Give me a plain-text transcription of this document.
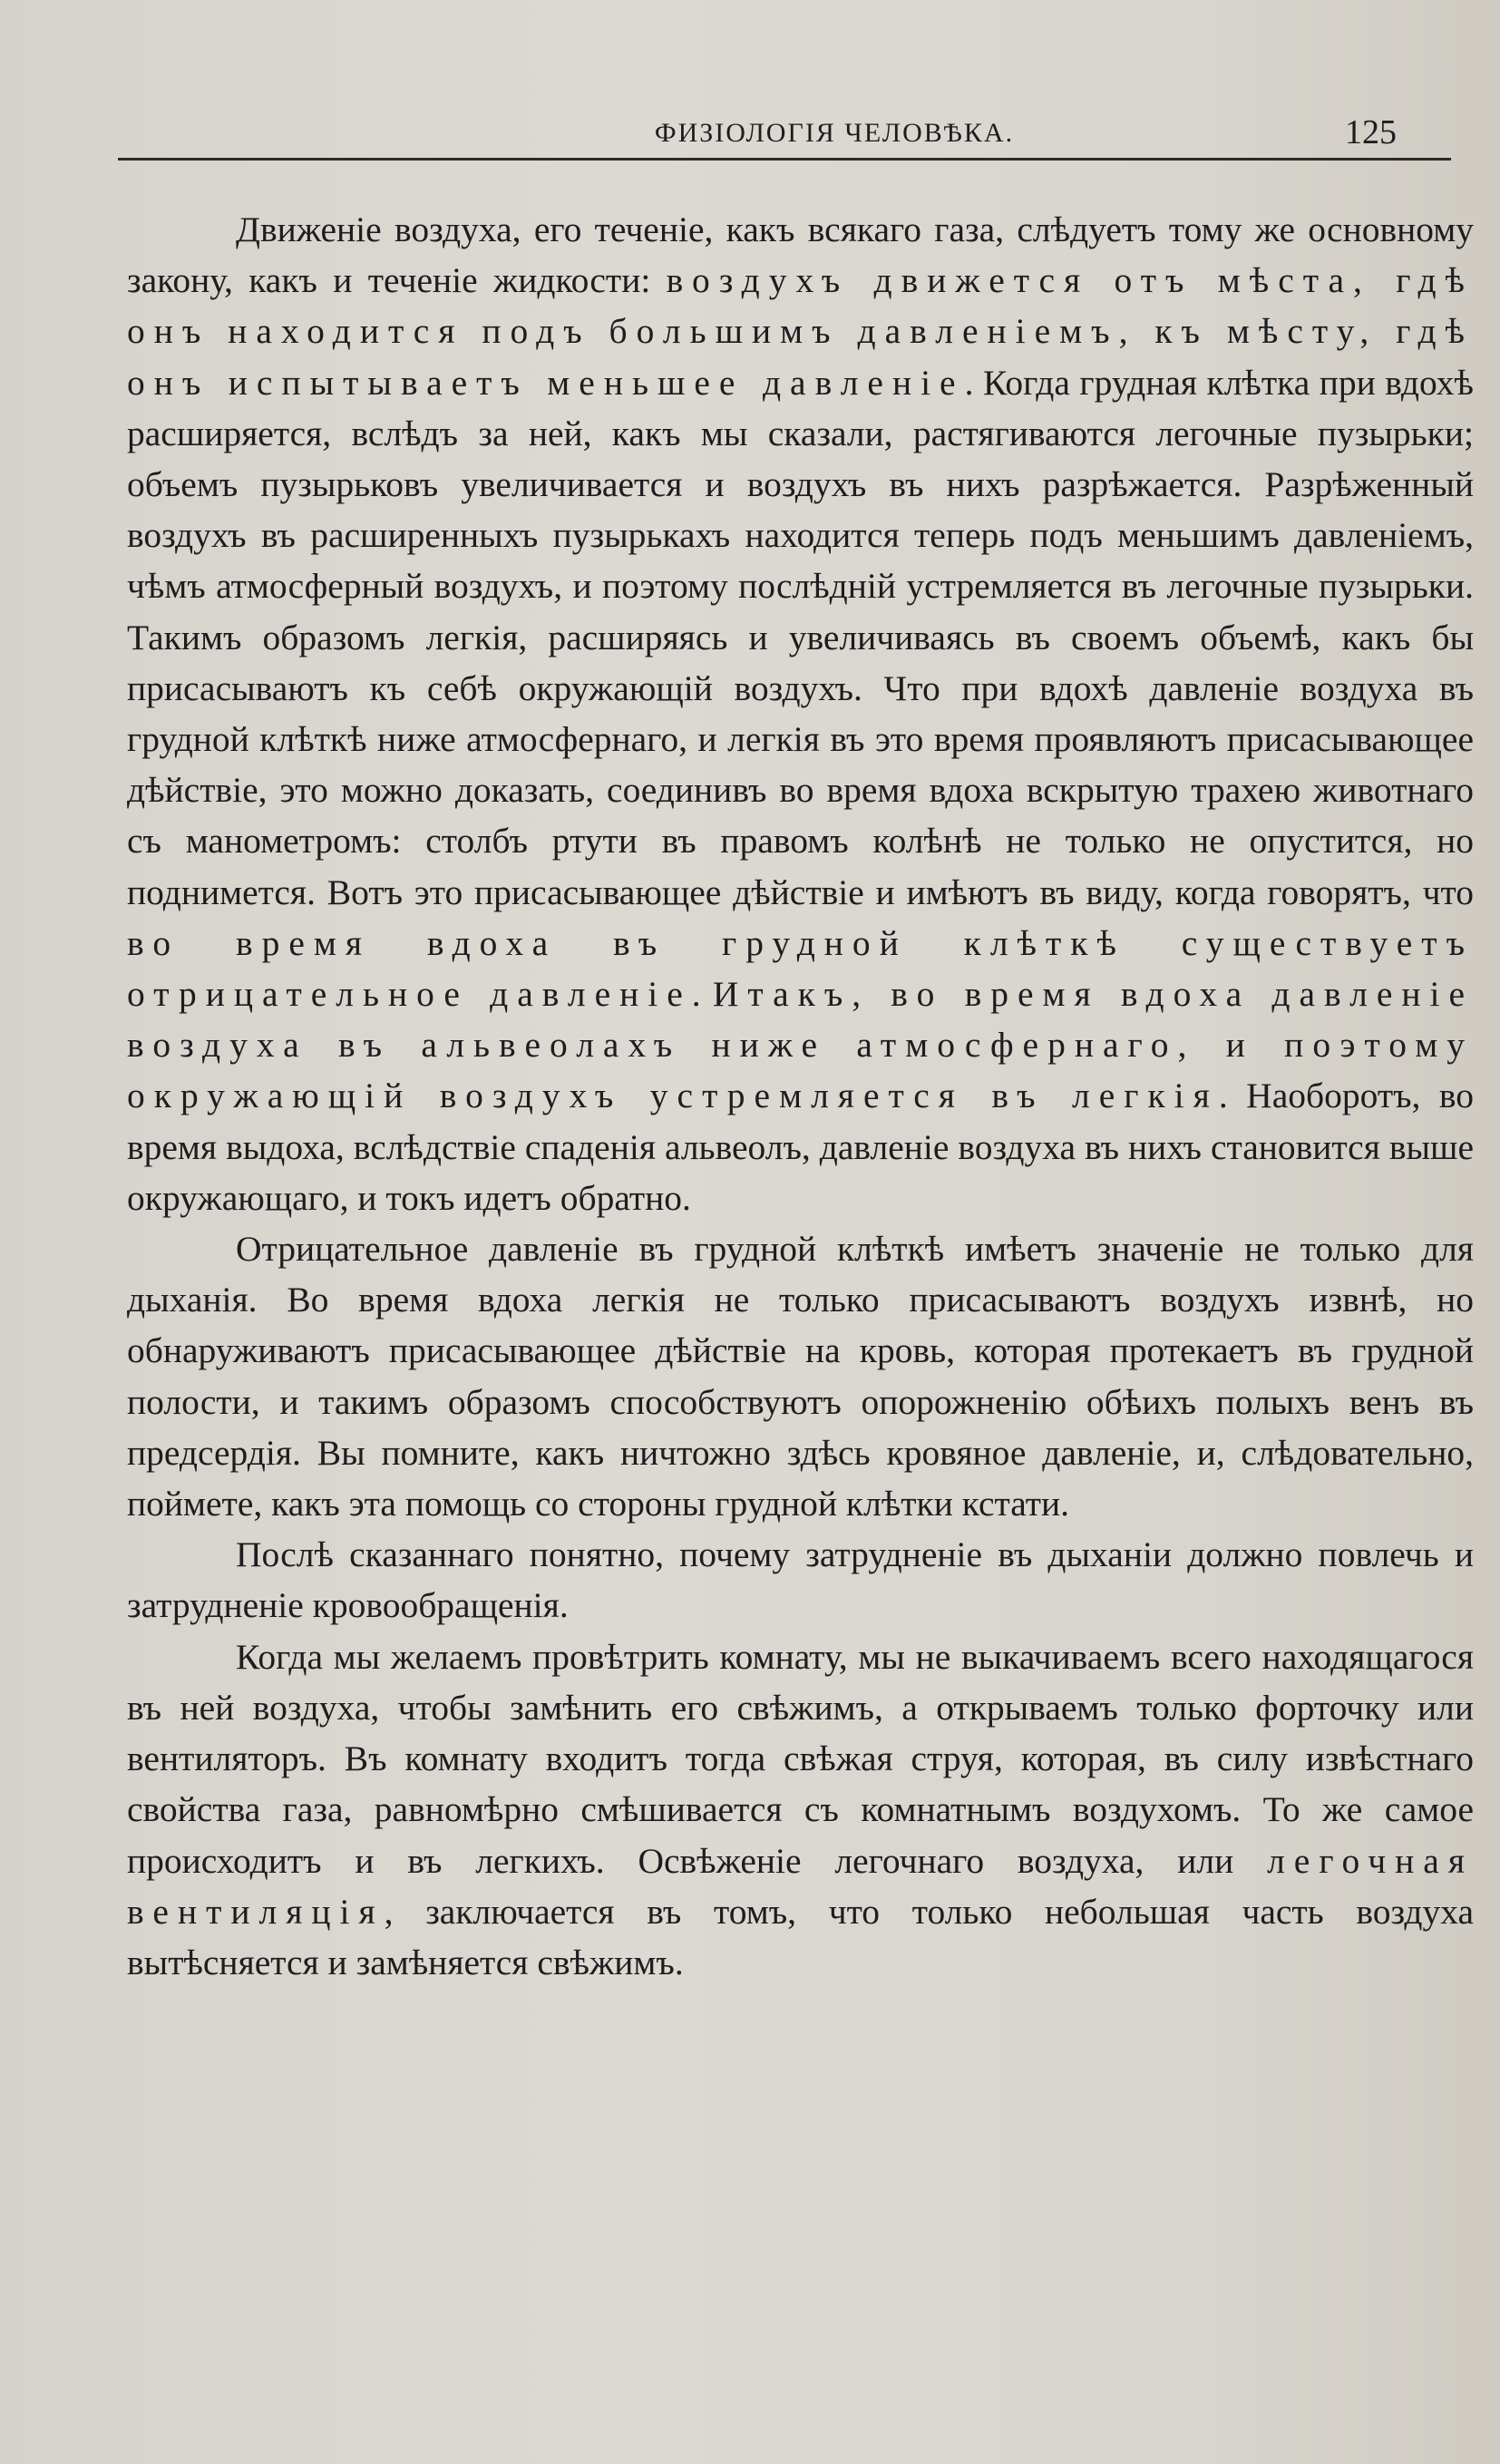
ФИЗІОЛОГІЯ ЧЕЛОВѢКА.	125

Движеніе воздуха, его теченіе, какъ всякаго газа, слѣдуетъ тому же основному закону, какъ и теченіе жидкости: воздухъ движется отъ мѣста, гдѣ онъ находится подъ большимъ давленіемъ, къ мѣсту, гдѣ онъ испытываетъ меньшее давленіе. Когда грудная клѣтка при вдохѣ расширяется, вслѣдъ за ней, какъ мы сказали, растягиваются легочные пузырьки; объемъ пузырьковъ увеличивается и воздухъ въ нихъ разрѣжается. Разрѣженный воздухъ въ расширенныхъ пузырькахъ находится теперь подъ меньшимъ давленіемъ, чѣмъ атмосферный воздухъ, и поэтому послѣдній устремляется въ легочные пузырьки. Такимъ образомъ легкія, расширяясь и увеличиваясь въ своемъ объемѣ, какъ бы присасываютъ къ себѣ окружающій воздухъ. Что при вдохѣ давленіе воздуха въ грудной клѣткѣ ниже атмосфернаго, и легкія въ это время проявляютъ присасывающее дѣйствіе, это можно доказать, соединивъ во время вдоха вскрытую трахею животнаго съ манометромъ: столбъ ртути въ правомъ колѣнѣ не только не опустится, но поднимется. Вотъ это присасывающее дѣйствіе и имѣютъ въ виду, когда говорятъ, что во время вдоха въ грудной клѣткѣ существуетъ отрицательное давленіе. Итакъ, во время вдоха давленіе воздуха въ альвеолахъ ниже атмосфернаго, и поэтому окружающій воздухъ устремляется въ легкія. Наоборотъ, во время выдоха, вслѣдствіе спаденія альвеолъ, давленіе воздуха въ нихъ становится выше окружающаго, и токъ идетъ обратно.

Отрицательное давленіе въ грудной клѣткѣ имѣетъ значеніе не только для дыханія. Во время вдоха легкія не только присасываютъ воздухъ извнѣ, но обнаруживаютъ присасывающее дѣйствіе на кровь, которая протекаетъ въ грудной полости, и такимъ образомъ способствуютъ опорожненію обѣихъ полыхъ венъ въ предсердія. Вы помните, какъ ничтожно здѣсь кровяное давленіе, и, слѣдовательно, поймете, какъ эта помощь со стороны грудной клѣтки кстати.

Послѣ сказаннаго понятно, почему затрудненіе въ дыханіи должно повлечь и затрудненіе кровообращенія.

Когда мы желаемъ провѣтрить комнату, мы не выкачиваемъ всего находящагося въ ней воздуха, чтобы замѣнить его свѣжимъ, а открываемъ только форточку или вентиляторъ. Въ комнату входитъ тогда свѣжая струя, которая, въ силу извѣстнаго свойства газа, равномѣрно смѣшивается съ комнатнымъ воздухомъ. То же самое происходитъ и въ легкихъ. Освѣженіе легочнаго воздуха, или легочная вентиляція, заключается въ томъ, что только небольшая часть воздуха вытѣсняется и замѣняется свѣжимъ.
